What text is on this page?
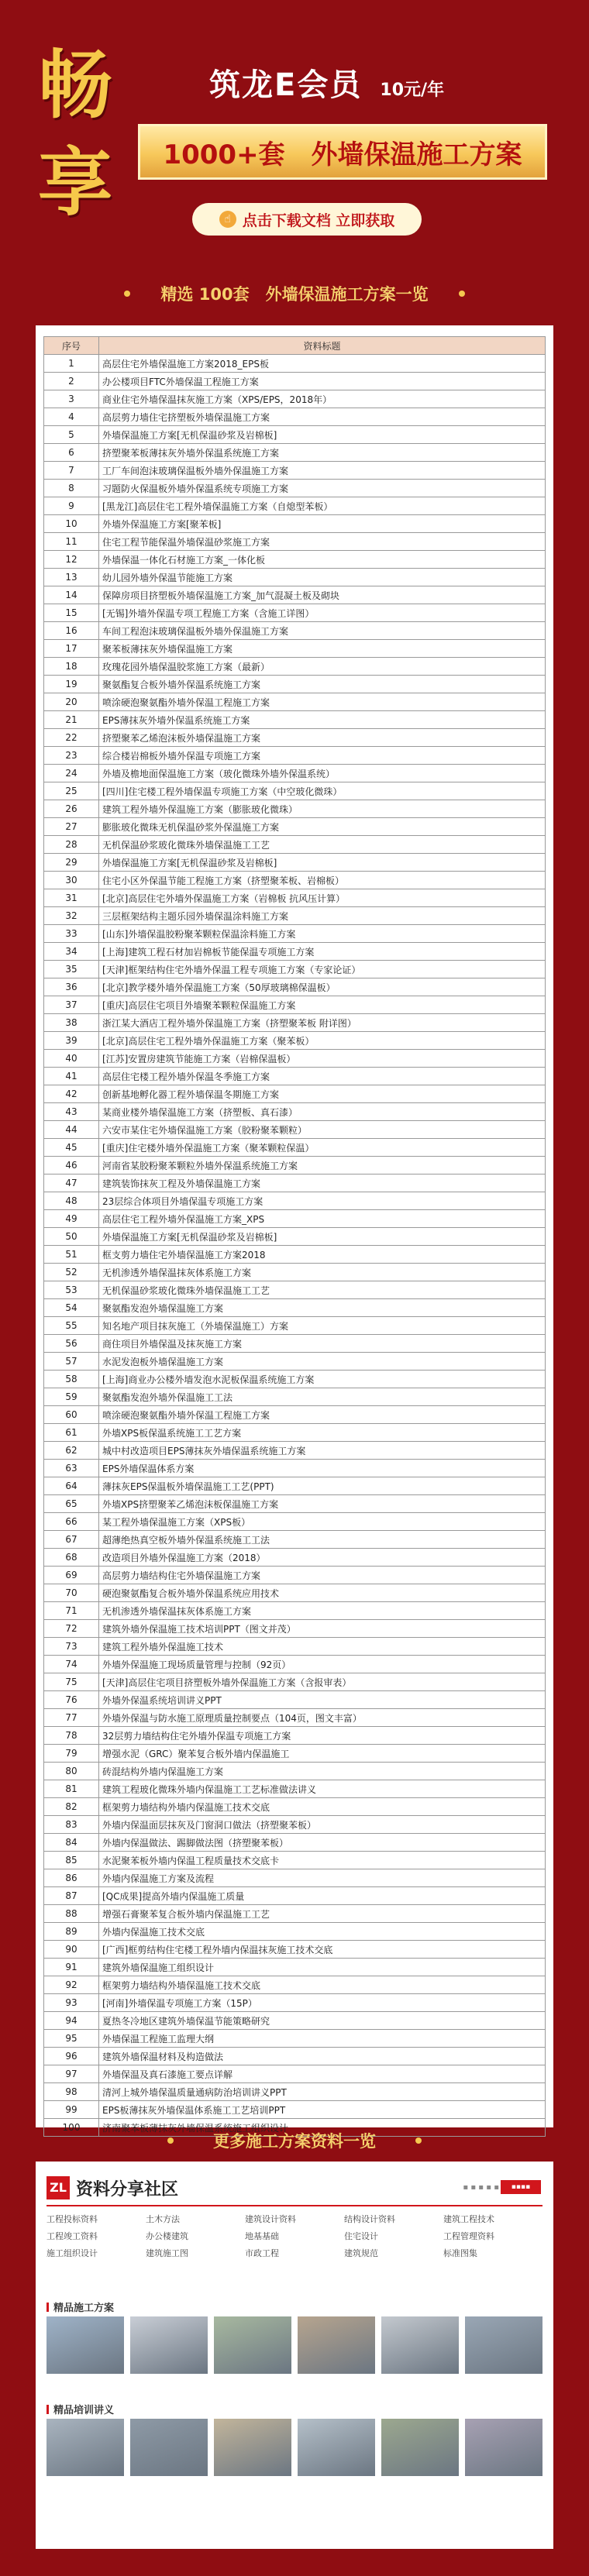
畅
享
筑龙E会员 10元/年
1000+套　外墙保温施工方案
☝ 点击下载文档 立即获取
精选 100套　外墙保温施工方案一览
序号	资料标题
1	高层住宅外墙保温施工方案2018_EPS板
2	办公楼项目FTC外墙保温工程施工方案
3	商业住宅外墙保温抹灰施工方案（XPS/EPS，2018年）
4	高层剪力墙住宅挤塑板外墙保温施工方案
5	外墙保温施工方案[无机保温砂浆及岩棉板]
6	挤塑聚苯板薄抹灰外墙外保温系统施工方案
7	工厂车间泡沫玻璃保温板外墙外保温施工方案
8	习题防火保温板外墙外保温系统专项施工方案
9	[黑龙江]高层住宅工程外墙保温施工方案（自熄型苯板）
10	外墙外保温施工方案[聚苯板]
11	住宅工程节能保温外墙保温砂浆施工方案
12	外墙保温一体化石材施工方案_一体化板
13	幼儿园外墙外保温节能施工方案
14	保障房项目挤塑板外墙保温施工方案_加气混凝土板及砌块
15	[无锡]外墙外保温专项工程施工方案（含施工详图）
16	车间工程泡沫玻璃保温板外墙外保温施工方案
17	聚苯板薄抹灰外墙保温施工方案
18	玫瑰花园外墙保温胶浆施工方案（最新）
19	聚氨酯复合板外墙外保温系统施工方案
20	喷涂硬泡聚氨酯外墙外保温工程施工方案
21	EPS薄抹灰外墙外保温系统施工方案
22	挤塑聚苯乙烯泡沫板外墙保温施工方案
23	综合楼岩棉板外墙外保温专项施工方案
24	外墙及檐地面保温施工方案（玻化微珠外墙外保温系统）
25	[四川]住宅楼工程外墙保温专项施工方案（中空玻化微珠）
26	建筑工程外墙外保温施工方案（膨胀玻化微珠）
27	膨胀玻化微珠无机保温砂浆外保温施工方案
28	无机保温砂浆玻化微珠外墙保温施工工艺
29	外墙保温施工方案[无机保温砂浆及岩棉板]
30	住宅小区外保温节能工程施工方案（挤塑聚苯板、岩棉板）
31	[北京]高层住宅外墙外保温施工方案（岩棉板 抗风压计算）
32	三层框架结构主题乐园外墙保温涂料施工方案
33	[山东]外墙保温胶粉聚苯颗粒保温涂料施工方案
34	[上海]建筑工程石材加岩棉板节能保温专项施工方案
35	[天津]框架结构住宅外墙外保温工程专项施工方案（专家论证）
36	[北京]教学楼外墙外保温施工方案（50厚玻璃棉保温板）
37	[重庆]高层住宅项目外墙聚苯颗粒保温施工方案
38	浙江某大酒店工程外墙外保温施工方案（挤塑聚苯板 附详图）
39	[北京]高层住宅工程外墙外保温施工方案（聚苯板）
40	[江苏]安置房建筑节能施工方案（岩棉保温板）
41	高层住宅楼工程外墙外保温冬季施工方案
42	创新基地孵化器工程外墙保温冬期施工方案
43	某商业楼外墙保温施工方案（挤塑板、真石漆）
44	六安市某住宅外墙保温施工方案（胶粉聚苯颗粒）
45	[重庆]住宅楼外墙外保温施工方案（聚苯颗粒保温）
46	河南省某胶粉聚苯颗粒外墙外保温系统施工方案
47	建筑装饰抹灰工程及外墙保温施工方案
48	23层综合体项目外墙保温专项施工方案
49	高层住宅工程外墙外保温施工方案_XPS
50	外墙保温施工方案[无机保温砂浆及岩棉板]
51	框支剪力墙住宅外墙保温施工方案2018
52	无机渗透外墙保温抹灰体系施工方案
53	无机保温砂浆玻化微珠外墙保温施工工艺
54	聚氨酯发泡外墙保温施工方案
55	知名地产项目抹灰施工（外墙保温施工）方案
56	商住项目外墙保温及抹灰施工方案
57	水泥发泡板外墙保温施工方案
58	[上海]商业办公楼外墙发泡水泥板保温系统施工方案
59	聚氨酯发泡外墙外保温施工工法
60	喷涂硬泡聚氨酯外墙外保温工程施工方案
61	外墙XPS板保温系统施工工艺方案
62	城中村改造项目EPS薄抹灰外墙保温系统施工方案
63	EPS外墙保温体系方案
64	薄抹灰EPS保温板外墙保温施工工艺(PPT)
65	外墙XPS挤塑聚苯乙烯泡沫板保温施工方案
66	某工程外墙保温施工方案（XPS板）
67	超薄绝热真空板外墙外保温系统施工工法
68	改造项目外墙外保温施工方案（2018）
69	高层剪力墙结构住宅外墙保温施工方案
70	硬泡聚氨酯复合板外墙外保温系统应用技术
71	无机渗透外墙保温抹灰体系施工方案
72	建筑外墙外保温施工技术培训PPT（图文并茂）
73	建筑工程外墙外保温施工技术
74	外墙外保温施工现场质量管理与控制（92页）
75	[天津]高层住宅项目挤塑板外墙外保温施工方案（含报审表）
76	外墙外保温系统培训讲义PPT
77	外墙外保温与防水施工原理质量控制要点（104页，图文丰富）
78	32层剪力墙结构住宅外墙外保温专项施工方案
79	增强水泥（GRC）聚苯复合板外墙内保温施工
80	砖混结构外墙内保温施工方案
81	建筑工程玻化微珠外墙内保温施工工艺标准做法讲义
82	框架剪力墙结构外墙内保温施工技术交底
83	外墙内保温面层抹灰及门窗洞口做法（挤塑聚苯板）
84	外墙内保温做法、踢脚做法图（挤塑聚苯板）
85	水泥聚苯板外墙内保温工程质量技术交底卡
86	外墙内保温施工方案及流程
87	[QC成果]提高外墙内保温施工质量
88	增强石膏聚苯复合板外墙内保温施工工艺
89	外墙内保温施工技术交底
90	[广西]框剪结构住宅楼工程外墙内保温抹灰施工技术交底
91	建筑外墙保温施工组织设计
92	框架剪力墙结构外墙保温施工技术交底
93	[河南]外墙保温专项施工方案（15P）
94	夏热冬冷地区建筑外墙保温节能策略研究
95	外墙保温工程施工监理大纲
96	建筑外墙保温材料及构造做法
97	外墙保温及真石漆施工要点详解
98	清河上城外墙保温质量通病防治培训讲义PPT
99	EPS板薄抹灰外墙保温体系施工工艺培训PPT
100	济南聚苯板薄抹灰外墙保温系统施工组织设计
更多施工方案资料一览
ZL 资料分享社区	▪ ▪ ▪ ▪ ▪	▪▪▪▪
工程投标资料	土木方法	建筑设计资料	结构设计资料	建筑工程技术
工程竣工资料	办公楼建筑	地基基础	住宅设计	工程管理资料
施工组织设计	建筑施工图	市政工程	建筑规范	标准图集
精品施工方案
精品培训讲义
